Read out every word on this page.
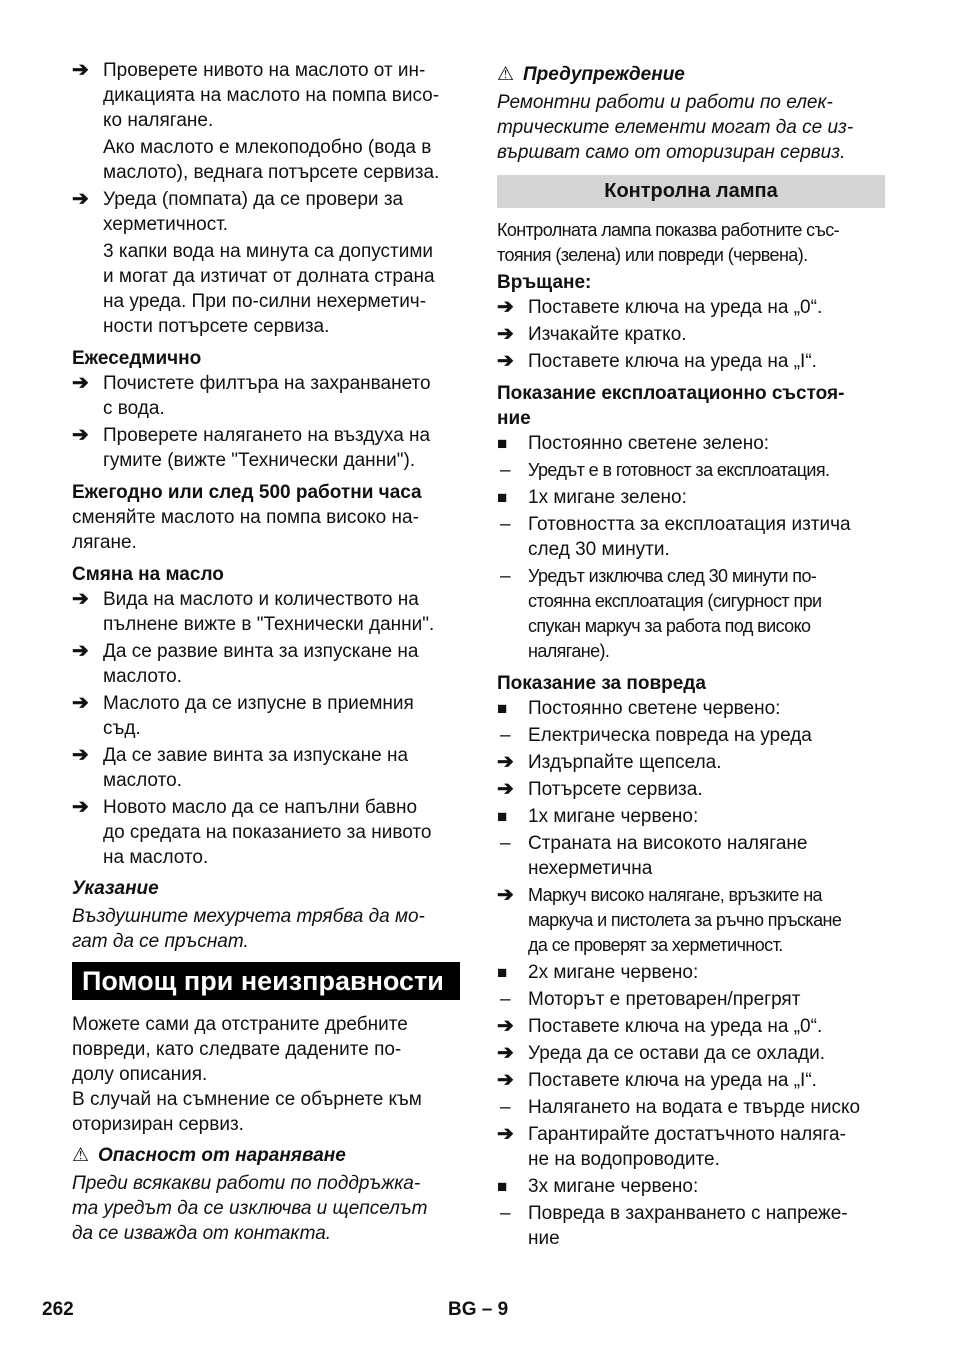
➔ Проверете нивото на маслото от ин-
дикацията на маслото на помпа висо-
ко налягане.
Ако маслото е млекоподобно (вода в
маслото), веднага потърсете сервиза.
➔ Уреда (помпата) да се провери за
херметичност.
3 капки вода на минута са допустими
и могат да изтичат от долната страна
на уреда. При по-силни нехерметич-
ности потърсете сервиза.
Ежеседмично
➔ Почистете филтъра на захранването
с вода.
➔ Проверете налягането на въздуха на
гумите (вижте "Технически данни").
Ежегодно или след 500 работни часа
сменяйте маслото на помпа високо на-
лягане.
Смяна на масло
➔ Вида на маслото и количеството на
пълнене вижте в "Технически данни".
➔ Да се развие винта за изпускане на
маслото.
➔ Маслото да се изпусне в приемния
съд.
➔ Да се завие винта за изпускане на
маслото.
➔ Новото масло да се напълни бавно
до средата на показанието за нивото
на маслото.
Указание
Въздушните мехурчета трябва да мо-
гат да се пръснат.
Помощ при неизправности
Можете сами да отстраните дребните
повреди, като следвате дадените по-
долу описания.
В случай на съмнение се обърнете към
оторизиран сервиз.
⚠ Опасност от нараняване
Преди всякакви работи по поддръжка-
та уредът да се изключва и щепселът
да се изважда от контакта.
⚠ Предупреждение
Ремонтни работи и работи по елек-
трическите елементи могат да се из-
вършват само от оторизиран сервиз.
Контролна лампа
Контролната лампа показва работните със-
тояния (зелена) или повреди (червена).
Връщане:
➔ Поставете ключа на уреда на „0“.
➔ Изчакайте кратко.
➔ Поставете ключа на уреда на „I“.
Показание експлоатационно състоя-
ние
■	Постоянно светене зелено:
– Уредът е в готовност за експлоатация.
■	1x мигане зелено:
– Готовността за експлоатация изтича
след 30 минути.
– Уредът изключва след 30 минути по-
стоянна експлоатация (сигурност при
спукан маркуч за работа под високо
налягане).
Показание за повреда
■	Постоянно светене червено:
– Електрическа повреда на уреда
➔ Издърпайте щепсела.
➔ Потърсете сервиза.
■	1x мигане червено:
– Страната на високото налягане
нехерметична
➔ Маркуч високо налягане, връзките на
маркуча и пистолета за ръчно пръскане
да се проверят за херметичност.
■	2x мигане червено:
– Моторът е претоварен/прегрят
➔ Поставете ключа на уреда на „0“.
➔ Уреда да се остави да се охлади.
➔ Поставете ключа на уреда на „I“.
– Налягането на водата е твърде ниско
➔ Гарантирайте достатъчното наляга-
не на водопроводите.
■	3x мигане червено:
– Повреда в захранването с напреже-
ние
262	BG – 9
